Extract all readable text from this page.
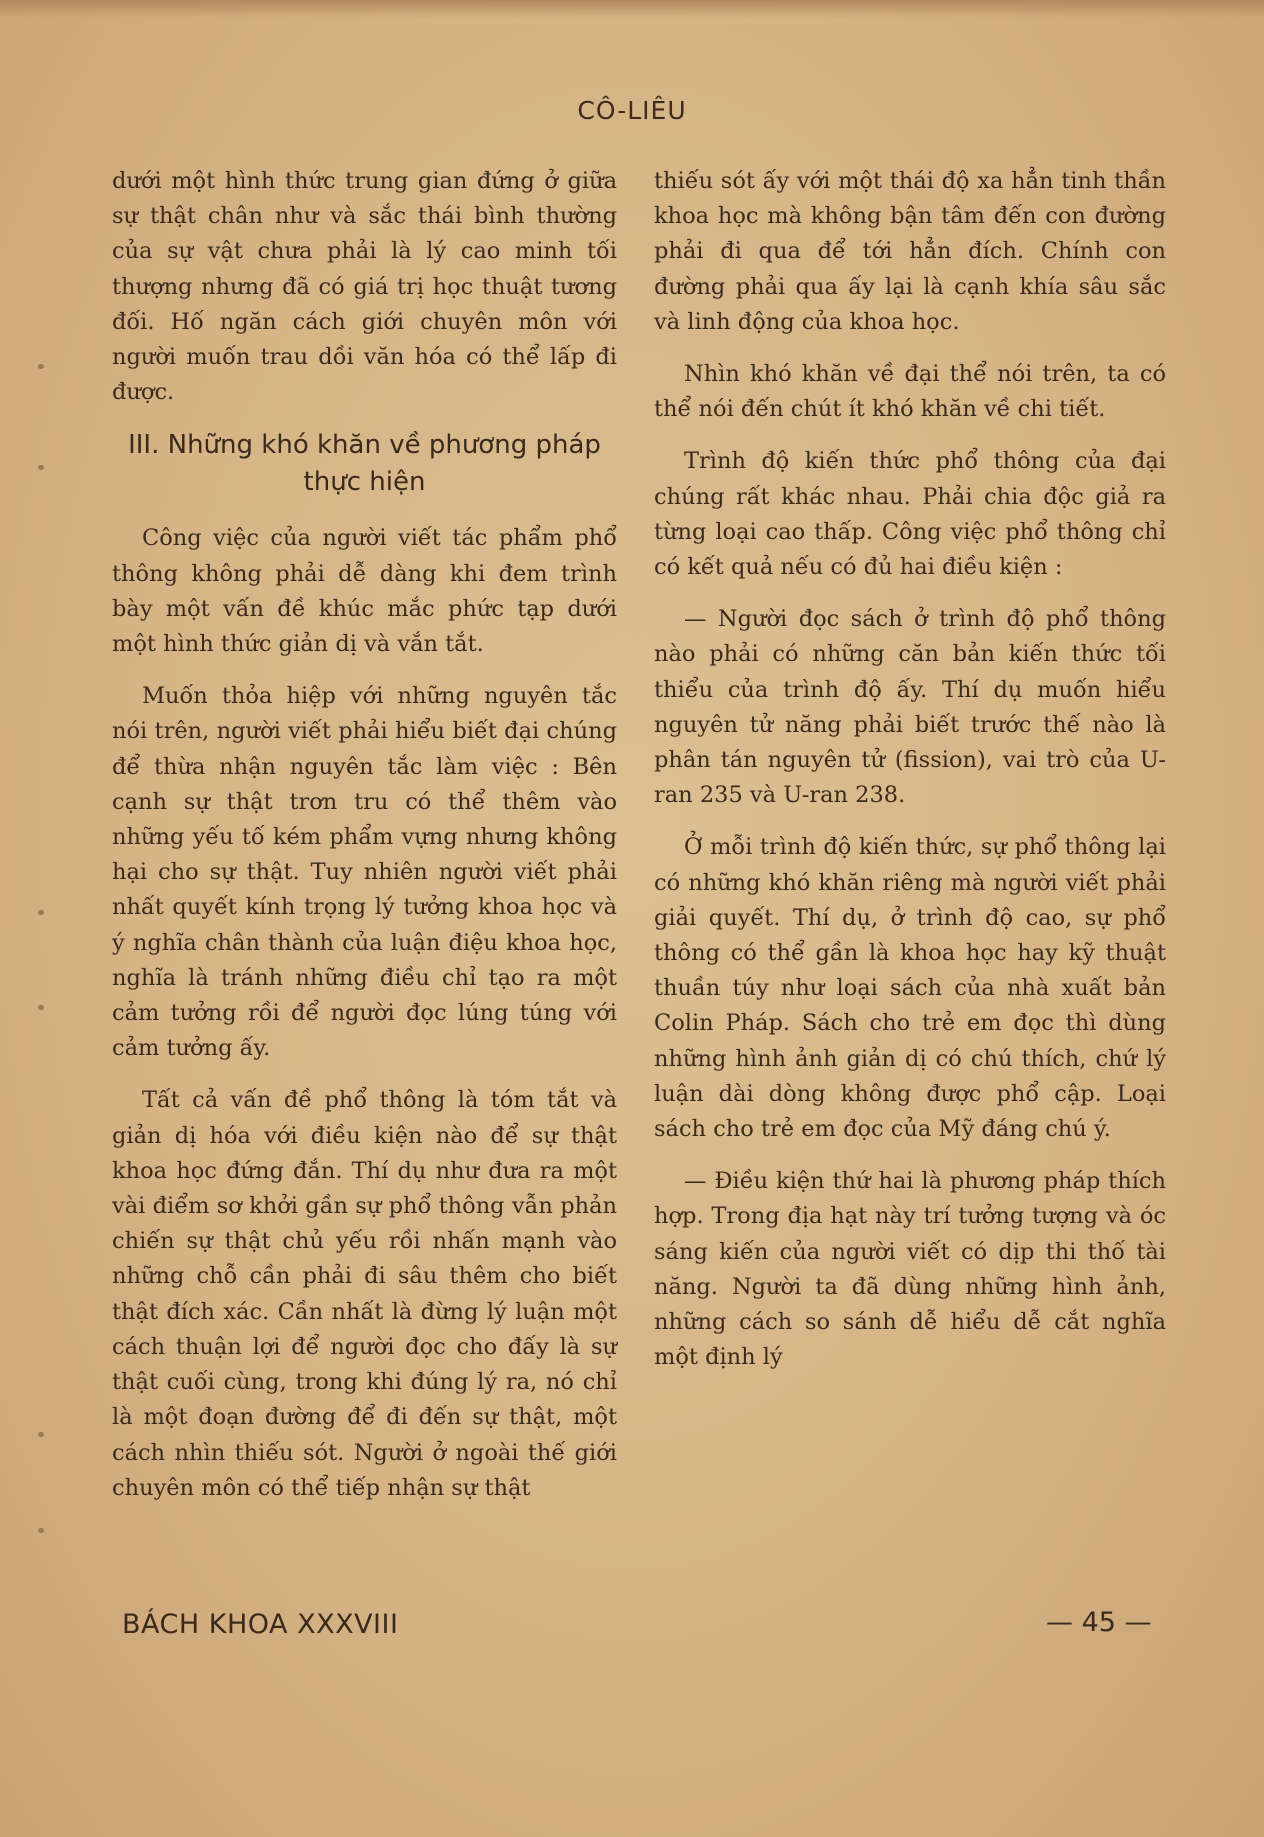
CÔ-LIÊU

dưới một hình thức trung gian đứng ở giữa sự thật chân như và sắc thái bình thường của sự vật chưa phải là lý cao minh tối thượng nhưng đã có giá trị học thuật tương đối. Hố ngăn cách giới chuyên môn với người muốn trau dồi văn hóa có thể lấp đi được.

III. Những khó khăn về phương pháp thực hiện

Công việc của người viết tác phẩm phổ thông không phải dễ dàng khi đem trình bày một vấn đề khúc mắc phức tạp dưới một hình thức giản dị và vắn tắt.

Muốn thỏa hiệp với những nguyên tắc nói trên, người viết phải hiểu biết đại chúng để thừa nhận nguyên tắc làm việc : Bên cạnh sự thật trơn tru có thể thêm vào những yếu tố kém phẩm vựng nhưng không hại cho sự thật. Tuy nhiên người viết phải nhất quyết kính trọng lý tưởng khoa học và ý nghĩa chân thành của luận điệu khoa học, nghĩa là tránh những điều chỉ tạo ra một cảm tưởng rồi để người đọc lúng túng với cảm tưởng ấy.

Tất cả vấn đề phổ thông là tóm tắt và giản dị hóa với điều kiện nào để sự thật khoa học đứng đắn. Thí dụ như đưa ra một vài điểm sơ khởi gần sự phổ thông vẫn phản chiến sự thật chủ yếu rồi nhấn mạnh vào những chỗ cần phải đi sâu thêm cho biết thật đích xác. Cần nhất là đừng lý luận một cách thuận lợi để người đọc cho đấy là sự thật cuối cùng, trong khi đúng lý ra, nó chỉ là một đoạn đường để đi đến sự thật, một cách nhìn thiếu sót. Người ở ngoài thế giới chuyên môn có thể tiếp nhận sự thật

thiếu sót ấy với một thái độ xa hẳn tinh thần khoa học mà không bận tâm đến con đường phải đi qua để tới hẳn đích. Chính con đường phải qua ấy lại là cạnh khía sâu sắc và linh động của khoa học.

Nhìn khó khăn về đại thể nói trên, ta có thể nói đến chút ít khó khăn về chi tiết.

Trình độ kiến thức phổ thông của đại chúng rất khác nhau. Phải chia độc giả ra từng loại cao thấp. Công việc phổ thông chỉ có kết quả nếu có đủ hai điều kiện :

— Người đọc sách ở trình độ phổ thông nào phải có những căn bản kiến thức tối thiểu của trình độ ấy. Thí dụ muốn hiểu nguyên tử năng phải biết trước thế nào là phân tán nguyên tử (fission), vai trò của U-ran 235 và U-ran 238.

Ở mỗi trình độ kiến thức, sự phổ thông lại có những khó khăn riêng mà người viết phải giải quyết. Thí dụ, ở trình độ cao, sự phổ thông có thể gần là khoa học hay kỹ thuật thuần túy như loại sách của nhà xuất bản Colin Pháp. Sách cho trẻ em đọc thì dùng những hình ảnh giản dị có chú thích, chứ lý luận dài dòng không được phổ cập. Loại sách cho trẻ em đọc của Mỹ đáng chú ý.

— Điều kiện thứ hai là phương pháp thích hợp. Trong địa hạt này trí tưởng tượng và óc sáng kiến của người viết có dịp thi thố tài năng. Người ta đã dùng những hình ảnh, những cách so sánh dễ hiểu dễ cắt nghĩa một định lý

BÁCH KHOA XXXVIII	— 45 —
